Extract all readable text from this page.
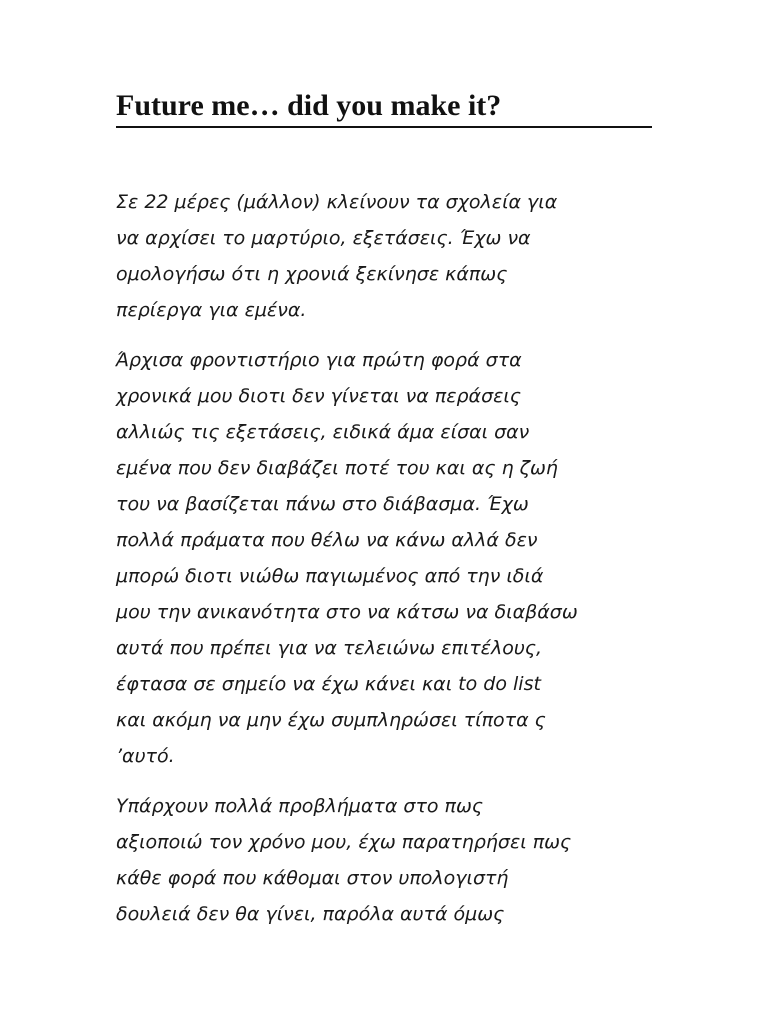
Future me… did you make it?

Σε 22 μέρες (μάλλον) κλείνουν τα σχολεία για
να αρχίσει το μαρτύριο, εξετάσεις. Έχω να
ομολογήσω ότι η χρονιά ξεκίνησε κάπως
περίεργα για εμένα.

Άρχισα φροντιστήριο για πρώτη φορά στα
χρονικά μου διοτι δεν γίνεται να περάσεις
αλλιώς τις εξετάσεις, ειδικά άμα είσαι σαν
εμένα που δεν διαβάζει ποτέ του και ας η ζωή
του να βασίζεται πάνω στο διάβασμα. Έχω
πολλά πράματα που θέλω να κάνω αλλά δεν
μπορώ διοτι νιώθω παγιωμένος από την ιδιά
μου την ανικανότητα στο να κάτσω να διαβάσω
αυτά που πρέπει για να τελειώνω επιτέλους,
έφτασα σε σημείο να έχω κάνει και to do list
και ακόμη να μην έχω συμπληρώσει τίποτα ς
’αυτό.

Υπάρχουν πολλά προβλήματα στο πως
αξιοποιώ τον χρόνο μου, έχω παρατηρήσει πως
κάθε φορά που κάθομαι στον υπολογιστή
δουλειά δεν θα γίνει, παρόλα αυτά όμως
